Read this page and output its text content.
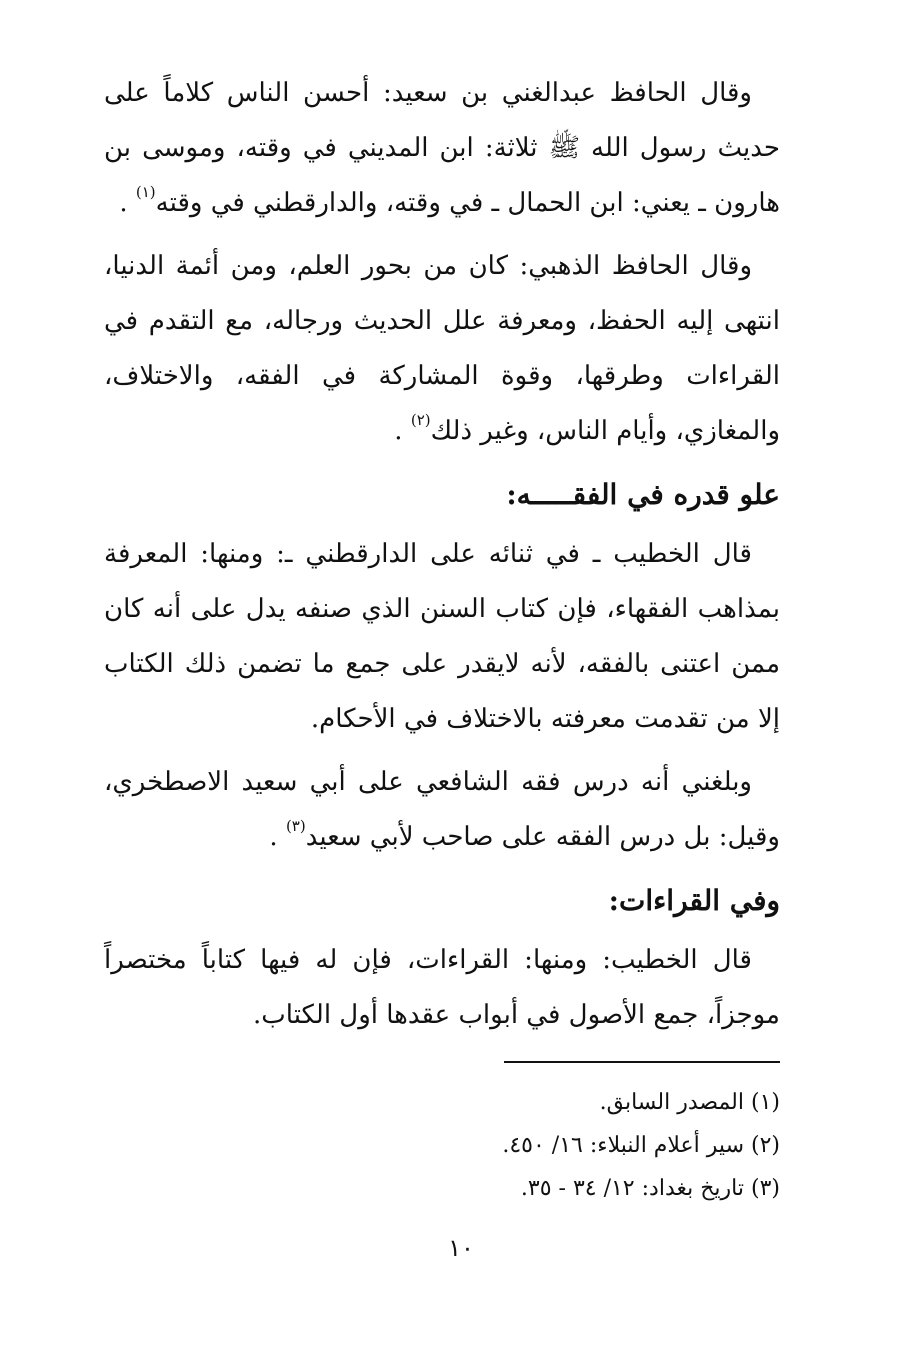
وقال الحافظ عبدالغني بن سعيد: أحسن الناس كلاماً على حديث رسول الله ﷺ ثلاثة: ابن المديني في وقته، وموسى بن هارون ـ يعني: ابن الحمال ـ في وقته، والدارقطني في وقته$^{(١)}$ .

وقال الحافظ الذهبي: كان من بحور العلم، ومن أئمة الدنيا، انتهى إليه الحفظ، ومعرفة علل الحديث ورجاله، مع التقدم في القراءات وطرقها، وقوة المشاركة في الفقه، والاختلاف، والمغازي، وأيام الناس، وغير ذلك$^{(٢)}$ .

علو قدره في الفقـــــه:

قال الخطيب ـ في ثنائه على الدارقطني ـ: ومنها: المعرفة بمذاهب الفقهاء، فإن كتاب السنن الذي صنفه يدل على أنه كان ممن اعتنى بالفقه، لأنه لايقدر على جمع ما تضمن ذلك الكتاب إلا من تقدمت معرفته بالاختلاف في الأحكام.

وبلغني أنه درس فقه الشافعي على أبي سعيد الاصطخري، وقيل: بل درس الفقه على صاحب لأبي سعيد$^{(٣)}$ .

وفي القراءات:

قال الخطيب: ومنها: القراءات، فإن له فيها كتاباً مختصراً موجزاً، جمع الأصول في أبواب عقدها أول الكتاب.

(١) المصدر السابق.

(٢) سير أعلام النبلاء: ١٦/ ٤٥٠.

(٣) تاريخ بغداد: ١٢/ ٣٤ - ٣٥.

١٠
